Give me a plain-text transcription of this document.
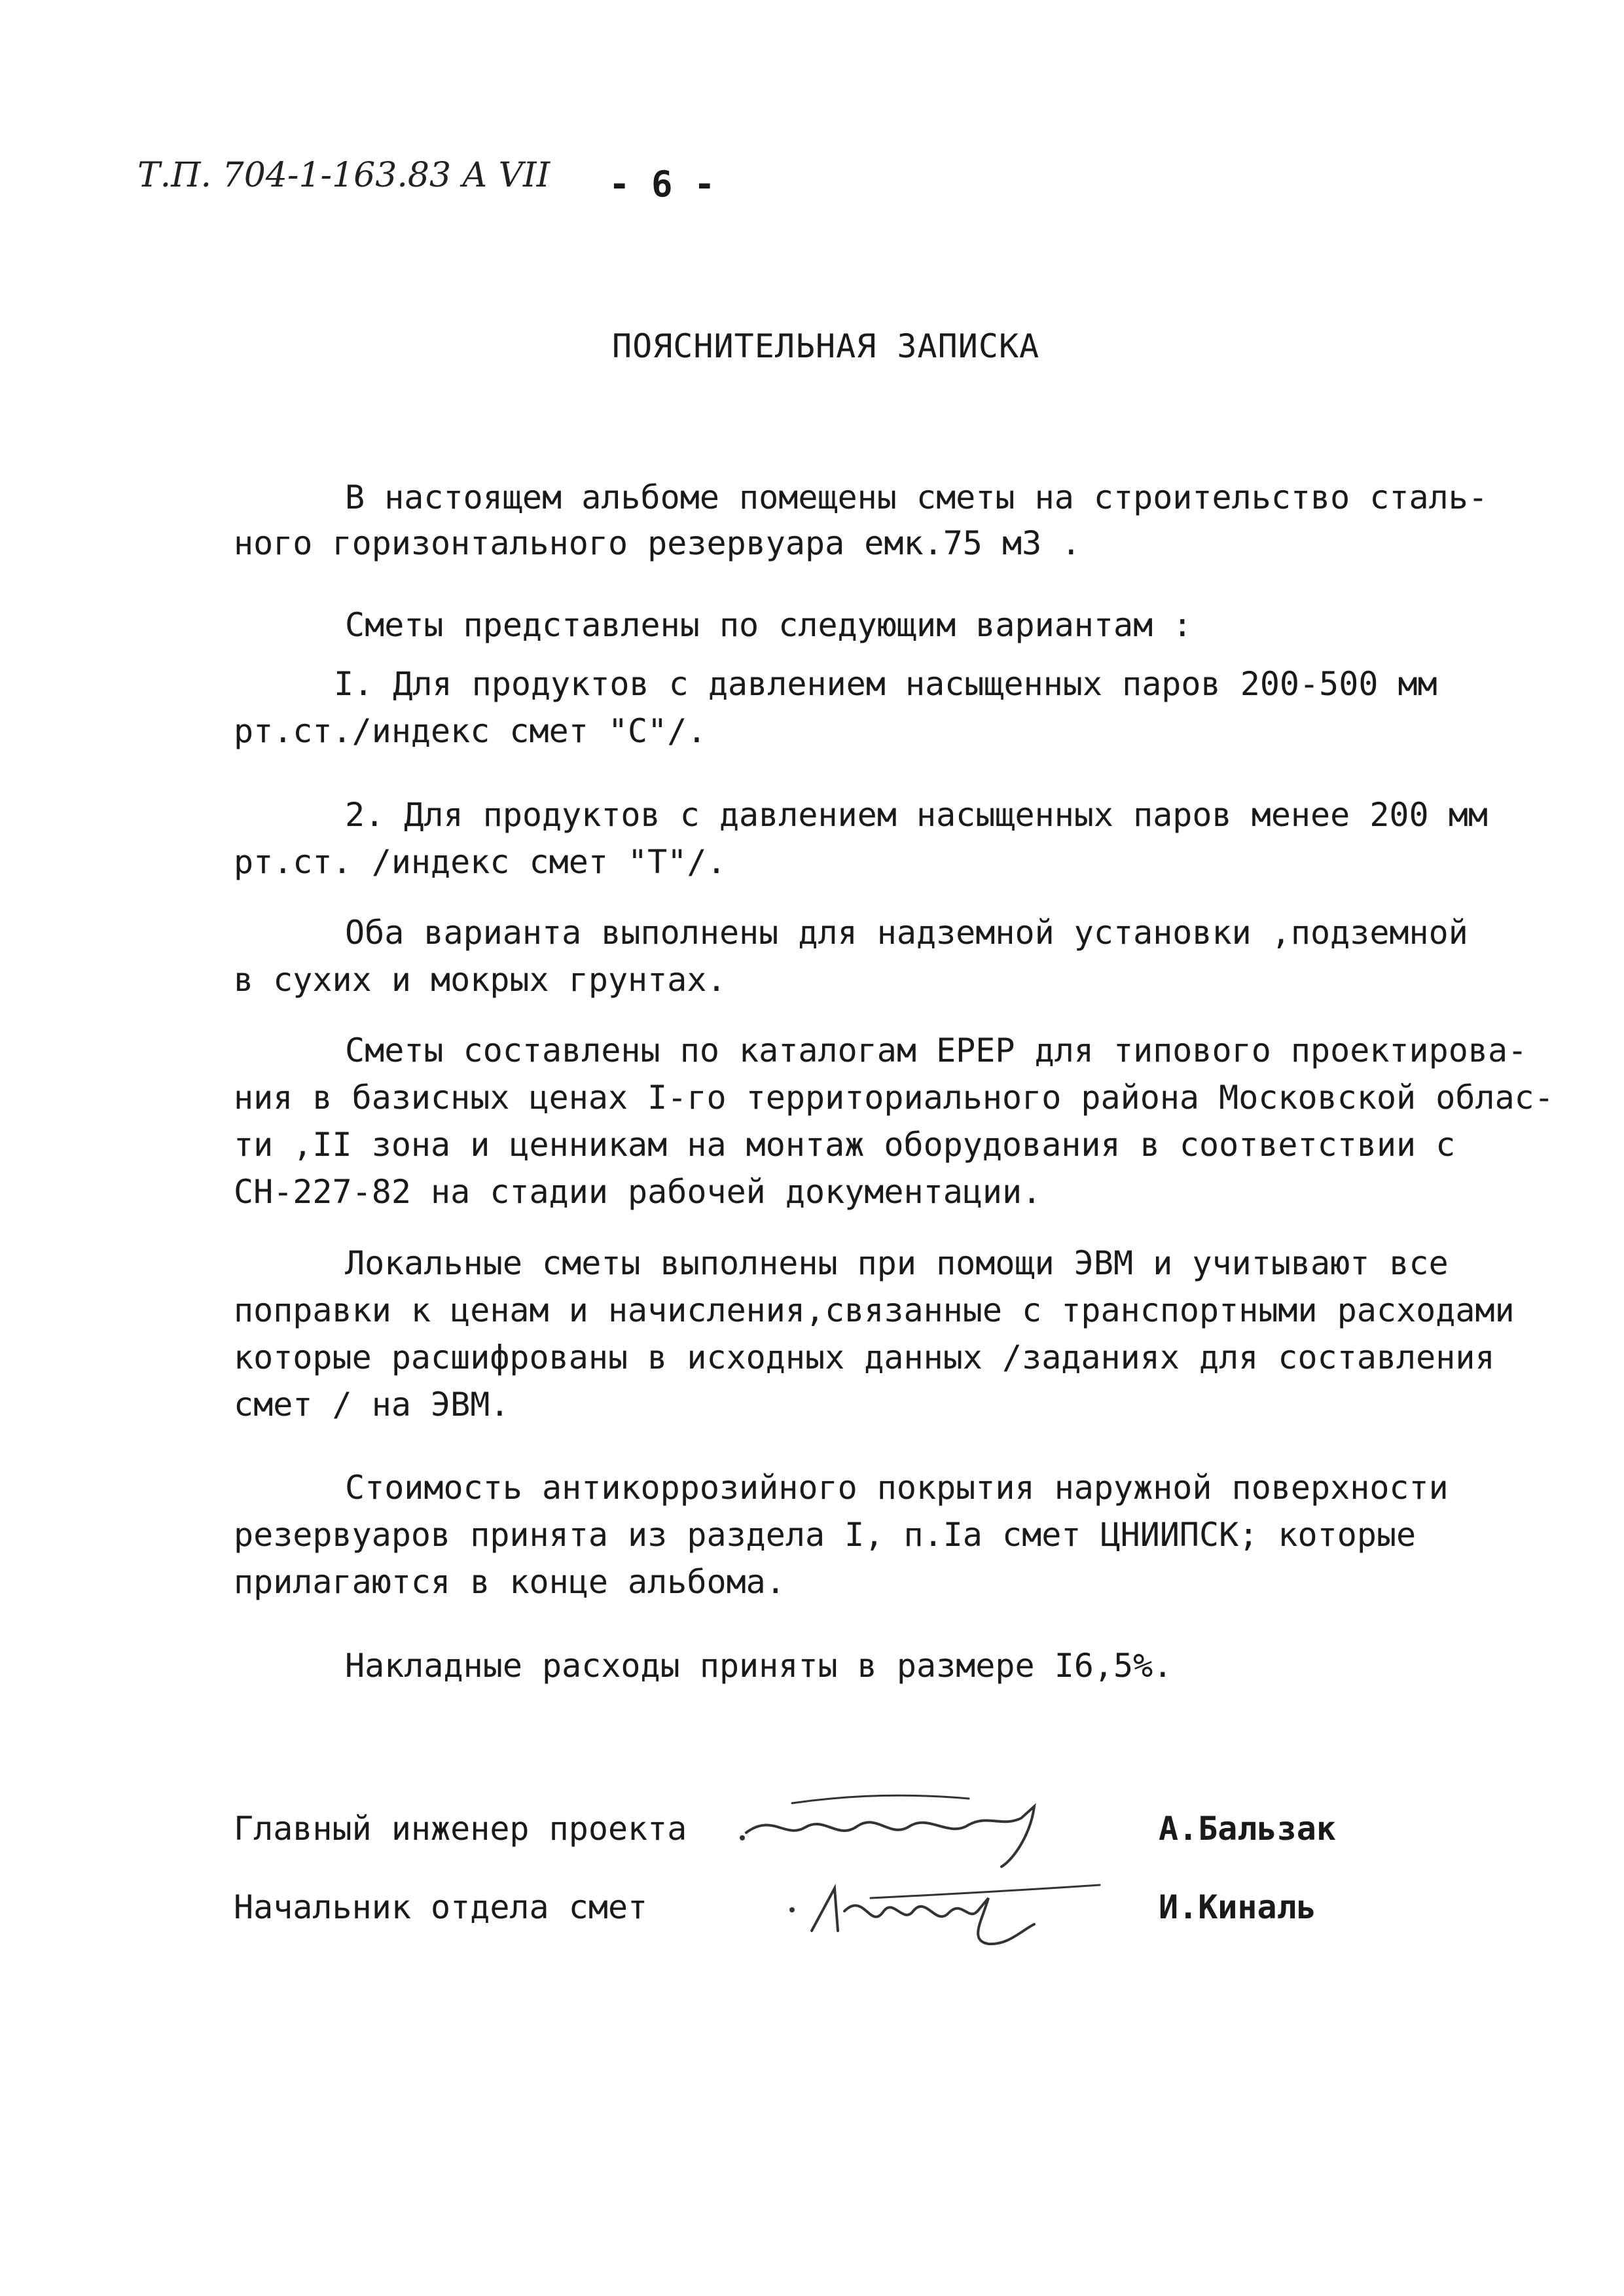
Т.П. 704-1-163.83 А VII - 6 -
ПОЯСНИТЕЛЬНАЯ ЗАПИСКА
В настоящем альбоме помещены сметы на строительство сталь-
ного горизонтального резервуара емк.75 м3 .
Сметы представлены по следующим вариантам :
I. Для продуктов с давлением насыщенных паров 200-500 мм
рт.ст./индекс смет "С"/.
2. Для продуктов с давлением насыщенных паров менее 200 мм
рт.ст. /индекс смет "Т"/.
Оба варианта выполнены для надземной установки ,подземной
в сухих и мокрых грунтах.
Сметы составлены по каталогам ЕРЕР для типового проектирова-
ния в базисных ценах I-го территориального района Московской облас-
ти ,II зона и ценникам на монтаж оборудования в соответствии с
СН-227-82 на стадии рабочей документации.
Локальные сметы выполнены при помощи ЭВМ и учитывают все
поправки к ценам и начисления,связанные с транспортными расходами
которые расшифрованы в исходных данных /заданиях для составления
смет / на ЭВМ.
Стоимость антикоррозийного покрытия наружной поверхности
резервуаров принята из раздела I, п.Iа смет ЦНИИПСК; которые
прилагаются в конце альбома.
Накладные расходы приняты в размере I6,5%.
Главный инженер проекта	А.Бальзак
Начальник отдела смет	И.Киналь
